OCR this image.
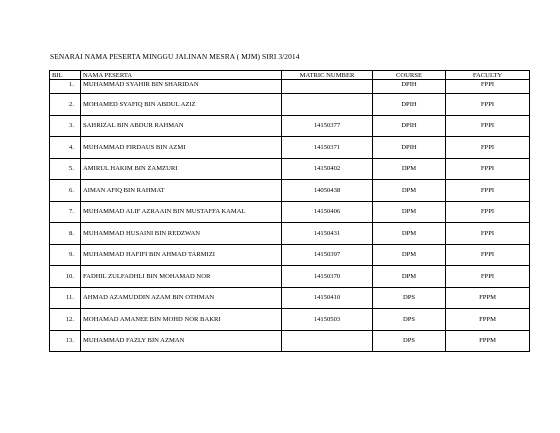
SENARAI NAMA PESERTA MINGGU JALINAN MESRA ( MJM) SIRI 3/2014
BIL	NAMA PESERTA	MATRIC NUMBER	COURSE	FACULTY
1.	MUHAMMAD SYAHIR BIN SHARIDAN		DPIH	FPPI
2.	MOHAMED SYAFIQ BIN ABDUL AZIZ		DPIH	FPPI
3.	SAHRIZAL BIN ABDUR RAHMAN	14150377	DPIH	FPPI
4.	MUHAMMAD FIRDAUS BIN AZMI	14150371	DPIH	FPPI
5.	AMIRUL HAKIM BIN ZAMZURI	14150402	DPM	FPPI
6.	AIMAN AFIQ BIN RAHMAT	14050438	DPM	FPPI
7.	MUHAMMAD ALIF AZRAAIN BIN MUSTAFFA KAMAL	14150406	DPM	FPPI
8.	MUHAMMAD HUSAINI BIN REDZWAN	14150431	DPM	FPPI
9.	MUHAMMAD HAFIFI BIN AHMAD TARMIZI	14150397	DPM	FPPI
10.	FADHIL ZULFADHLI BIN MOHAMAD NOR	14150370	DPM	FPPI
11.	AHMAD AZAMUDDIN AZAM BIN OTHMAN	14150410	DPS	FPPM
12.	MOHAMAD AMANEE BIN MOHD NOR BAKRI	14150503	DPS	FPPM
13.	MUHAMMAD FAZLY BIN AZMAN		DPS	FPPM
